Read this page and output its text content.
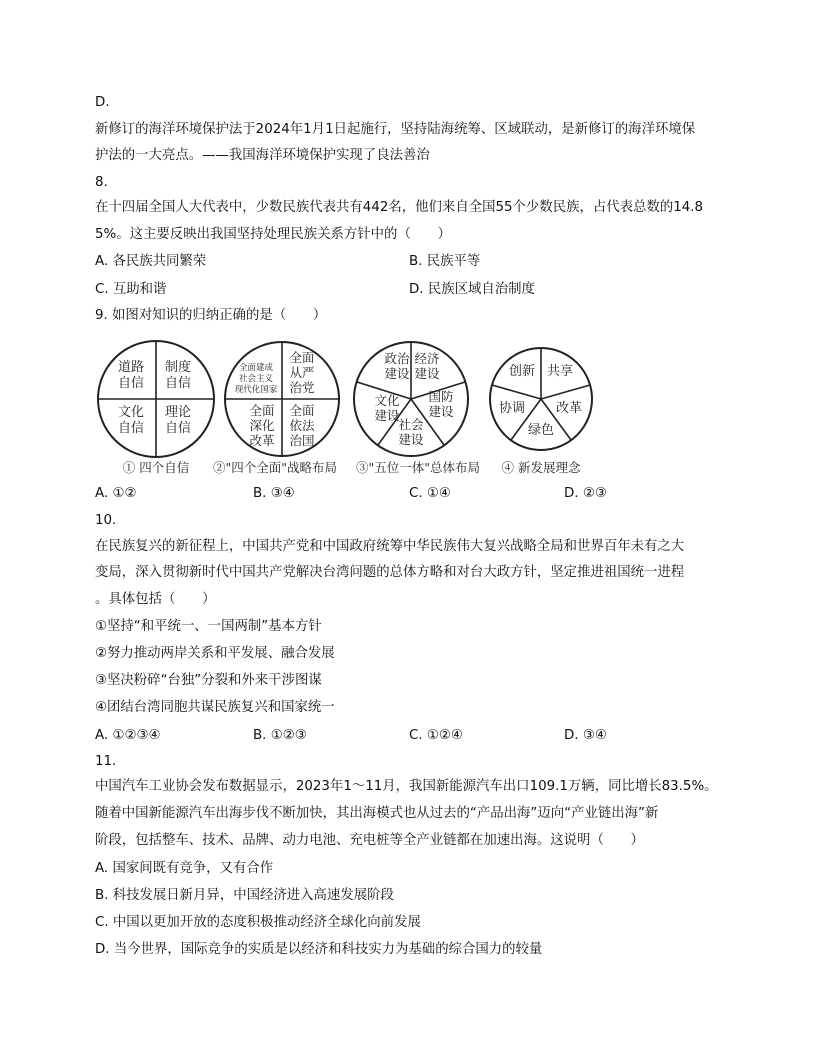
D.
新修订的海洋环境保护法于2024年1月1日起施行，坚持陆海统筹、区域联动，是新修订的海洋环境保
护法的一大亮点。——我国海洋环境保护实现了良法善治
8.
在十四届全国人大代表中，少数民族代表共有442名，他们来自全国55个少数民族，占代表总数的14.8
5%。这主要反映出我国坚持处理民族关系方针中的（　　）
A. 各民族共同繁荣	B. 民族平等
C. 互助和谐	D. 民族区域自治制度
9. 如图对知识的归纳正确的是（　　）
道路
自信
制度
自信
文化
自信
理论
自信
① 四个自信
全面建成
社会主义
现代化国家
全面
从严
治党
全面
深化
改革
全面
依法
治国
②"四个全面"战略布局
政治
建设
经济
建设
文化
建设
国防
建设
社会
建设
③"五位一体"总体布局
创新 共享
协调 改革
绿色
④ 新发展理念
A. ①②	B. ③④	C. ①④	D. ②③
10.
在民族复兴的新征程上，中国共产党和中国政府统筹中华民族伟大复兴战略全局和世界百年未有之大
变局，深入贯彻新时代中国共产党解决台湾问题的总体方略和对台大政方针，坚定推进祖国统一进程
。具体包括（　　）
①坚持“和平统一、一国两制”基本方针
②努力推动两岸关系和平发展、融合发展
③坚决粉碎“台独”分裂和外来干涉图谋
④团结台湾同胞共谋民族复兴和国家统一
A. ①②③④	B. ①②③	C. ①②④	D. ③④
11.
中国汽车工业协会发布数据显示，2023年1～11月，我国新能源汽车出口109.1万辆，同比增长83.5%。
随着中国新能源汽车出海步伐不断加快，其出海模式也从过去的“产品出海”迈向“产业链出海”新
阶段，包括整车、技术、品牌、动力电池、充电桩等全产业链都在加速出海。这说明（　　）
A. 国家间既有竞争，又有合作
B. 科技发展日新月异，中国经济进入高速发展阶段
C. 中国以更加开放的态度积极推动经济全球化向前发展
D. 当今世界，国际竞争的实质是以经济和科技实力为基础的综合国力的较量
